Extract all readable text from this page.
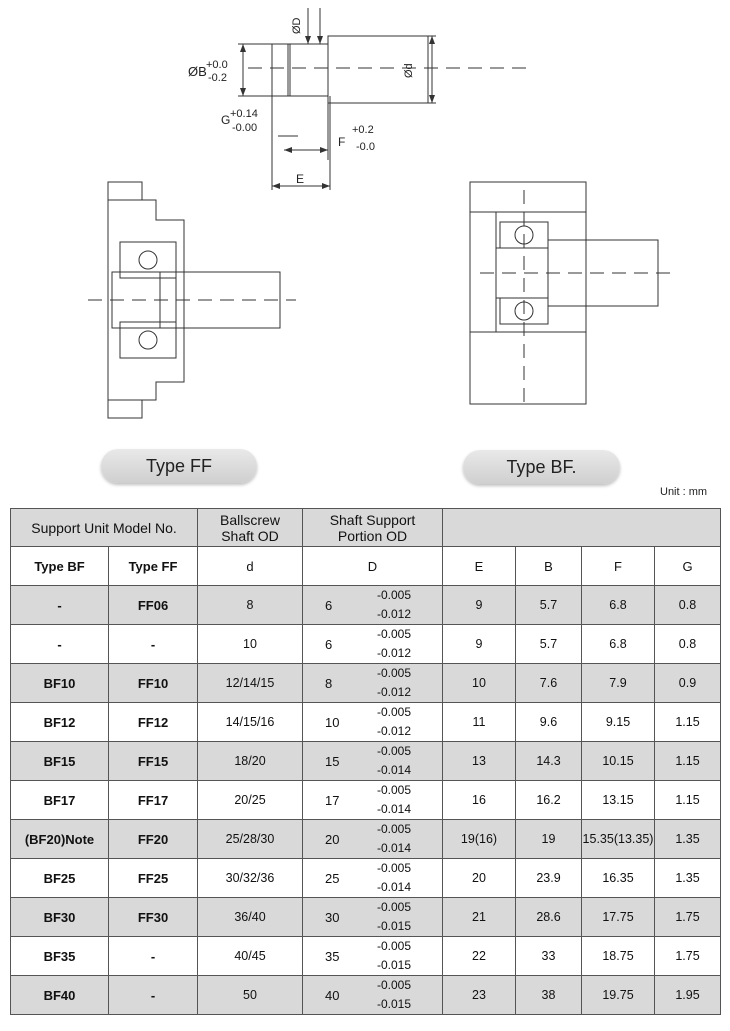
ØD
ØB +0.0
-0.2
G +0.14
-0.00
Ød
F
+0.2
-0.0
E
Type FF	Type BF.
Unit : mm
Support Unit Model No.		Ballscrew
Shaft OD	Shaft Support
Portion OD				
Type BF	Type FF	d	D	E	B	F	G
-	FF06	8	6
-0.005
-0.012	9	5.7	6.8	0.8
-	-	10	6
-0.005
-0.012	9	5.7	6.8	0.8
BF10	FF10	12/14/15	8
-0.005
-0.012	10	7.6	7.9	0.9
BF12	FF12	14/15/16	10
-0.005
-0.012	11	9.6	9.15	1.15
BF15	FF15	18/20	15
-0.005
-0.014	13	14.3	10.15	1.15
BF17	FF17	20/25	17
-0.005
-0.014	16	16.2	13.15	1.15
(BF20)Note	FF20	25/28/30	20
-0.005
-0.014	19(16)	19	15.35(13.35)	1.35
BF25	FF25	30/32/36	25
-0.005
-0.014	20	23.9	16.35	1.35
BF30	FF30	36/40	30
-0.005
-0.015	21	28.6	17.75	1.75
BF35	-	40/45	35
-0.005
-0.015	22	33	18.75	1.75
BF40	-	50	40
-0.005
-0.015	23	38	19.75	1.95
